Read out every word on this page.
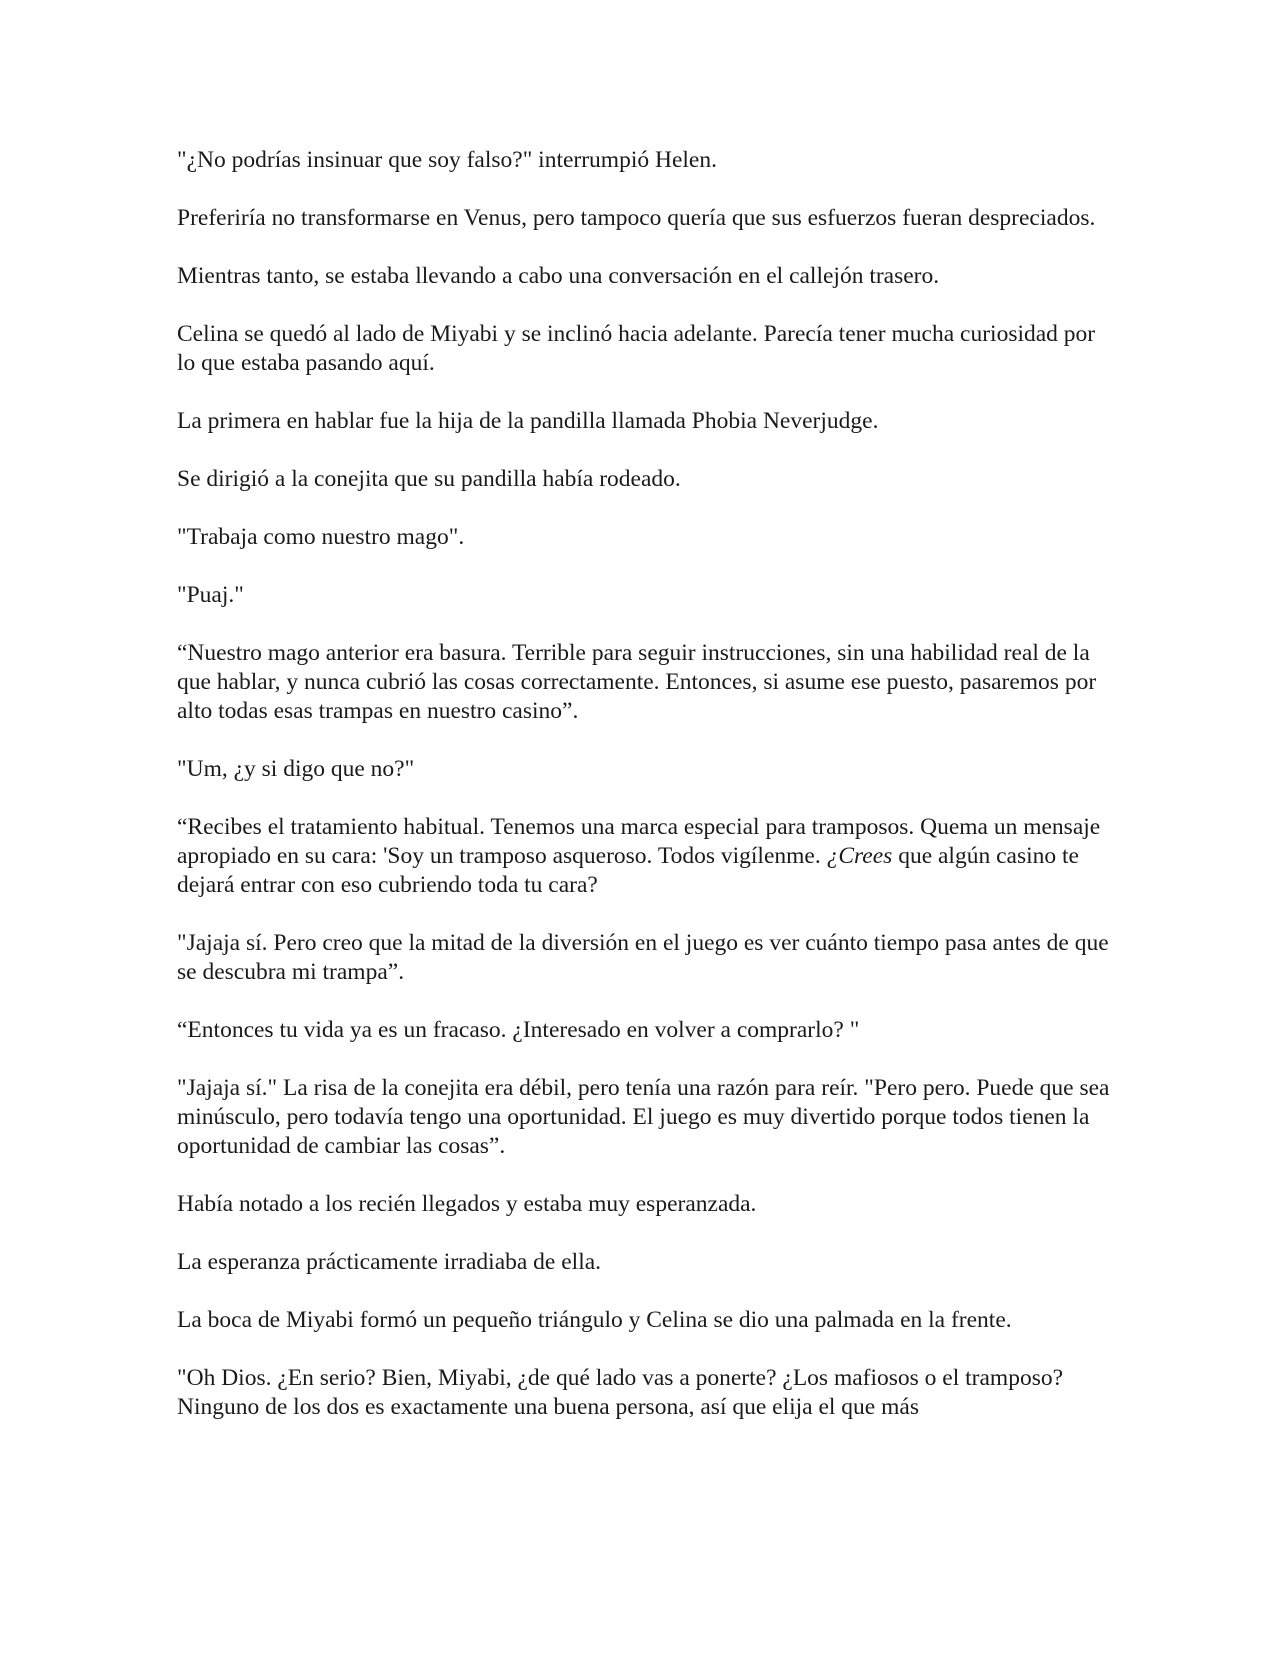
"¿No podrías insinuar que soy falso?" interrumpió Helen.

Preferiría no transformarse en Venus, pero tampoco quería que sus esfuerzos fueran despreciados.

Mientras tanto, se estaba llevando a cabo una conversación en el callejón trasero.

Celina se quedó al lado de Miyabi y se inclinó hacia adelante. Parecía tener mucha curiosidad por lo que estaba pasando aquí.

La primera en hablar fue la hija de la pandilla llamada Phobia Neverjudge.

Se dirigió a la conejita que su pandilla había rodeado.

"Trabaja como nuestro mago".

"Puaj."

“Nuestro mago anterior era basura. Terrible para seguir instrucciones, sin una habilidad real de la que hablar, y nunca cubrió las cosas correctamente. Entonces, si asume ese puesto, pasaremos por alto todas esas trampas en nuestro casino”.

"Um, ¿y si digo que no?"

“Recibes el tratamiento habitual. Tenemos una marca especial para tramposos. Quema un mensaje apropiado en su cara: 'Soy un tramposo asqueroso. Todos vigílenme. ¿Crees que algún casino te dejará entrar con eso cubriendo toda tu cara?

"Jajaja sí. Pero creo que la mitad de la diversión en el juego es ver cuánto tiempo pasa antes de que se descubra mi trampa”.

“Entonces tu vida ya es un fracaso. ¿Interesado en volver a comprarlo? "

"Jajaja sí." La risa de la conejita era débil, pero tenía una razón para reír. "Pero pero. Puede que sea minúsculo, pero todavía tengo una oportunidad. El juego es muy divertido porque todos tienen la oportunidad de cambiar las cosas”.

Había notado a los recién llegados y estaba muy esperanzada.

La esperanza prácticamente irradiaba de ella.

La boca de Miyabi formó un pequeño triángulo y Celina se dio una palmada en la frente.

"Oh Dios. ¿En serio? Bien, Miyabi, ¿de qué lado vas a ponerte? ¿Los mafiosos o el tramposo? Ninguno de los dos es exactamente una buena persona, así que elija el que más
